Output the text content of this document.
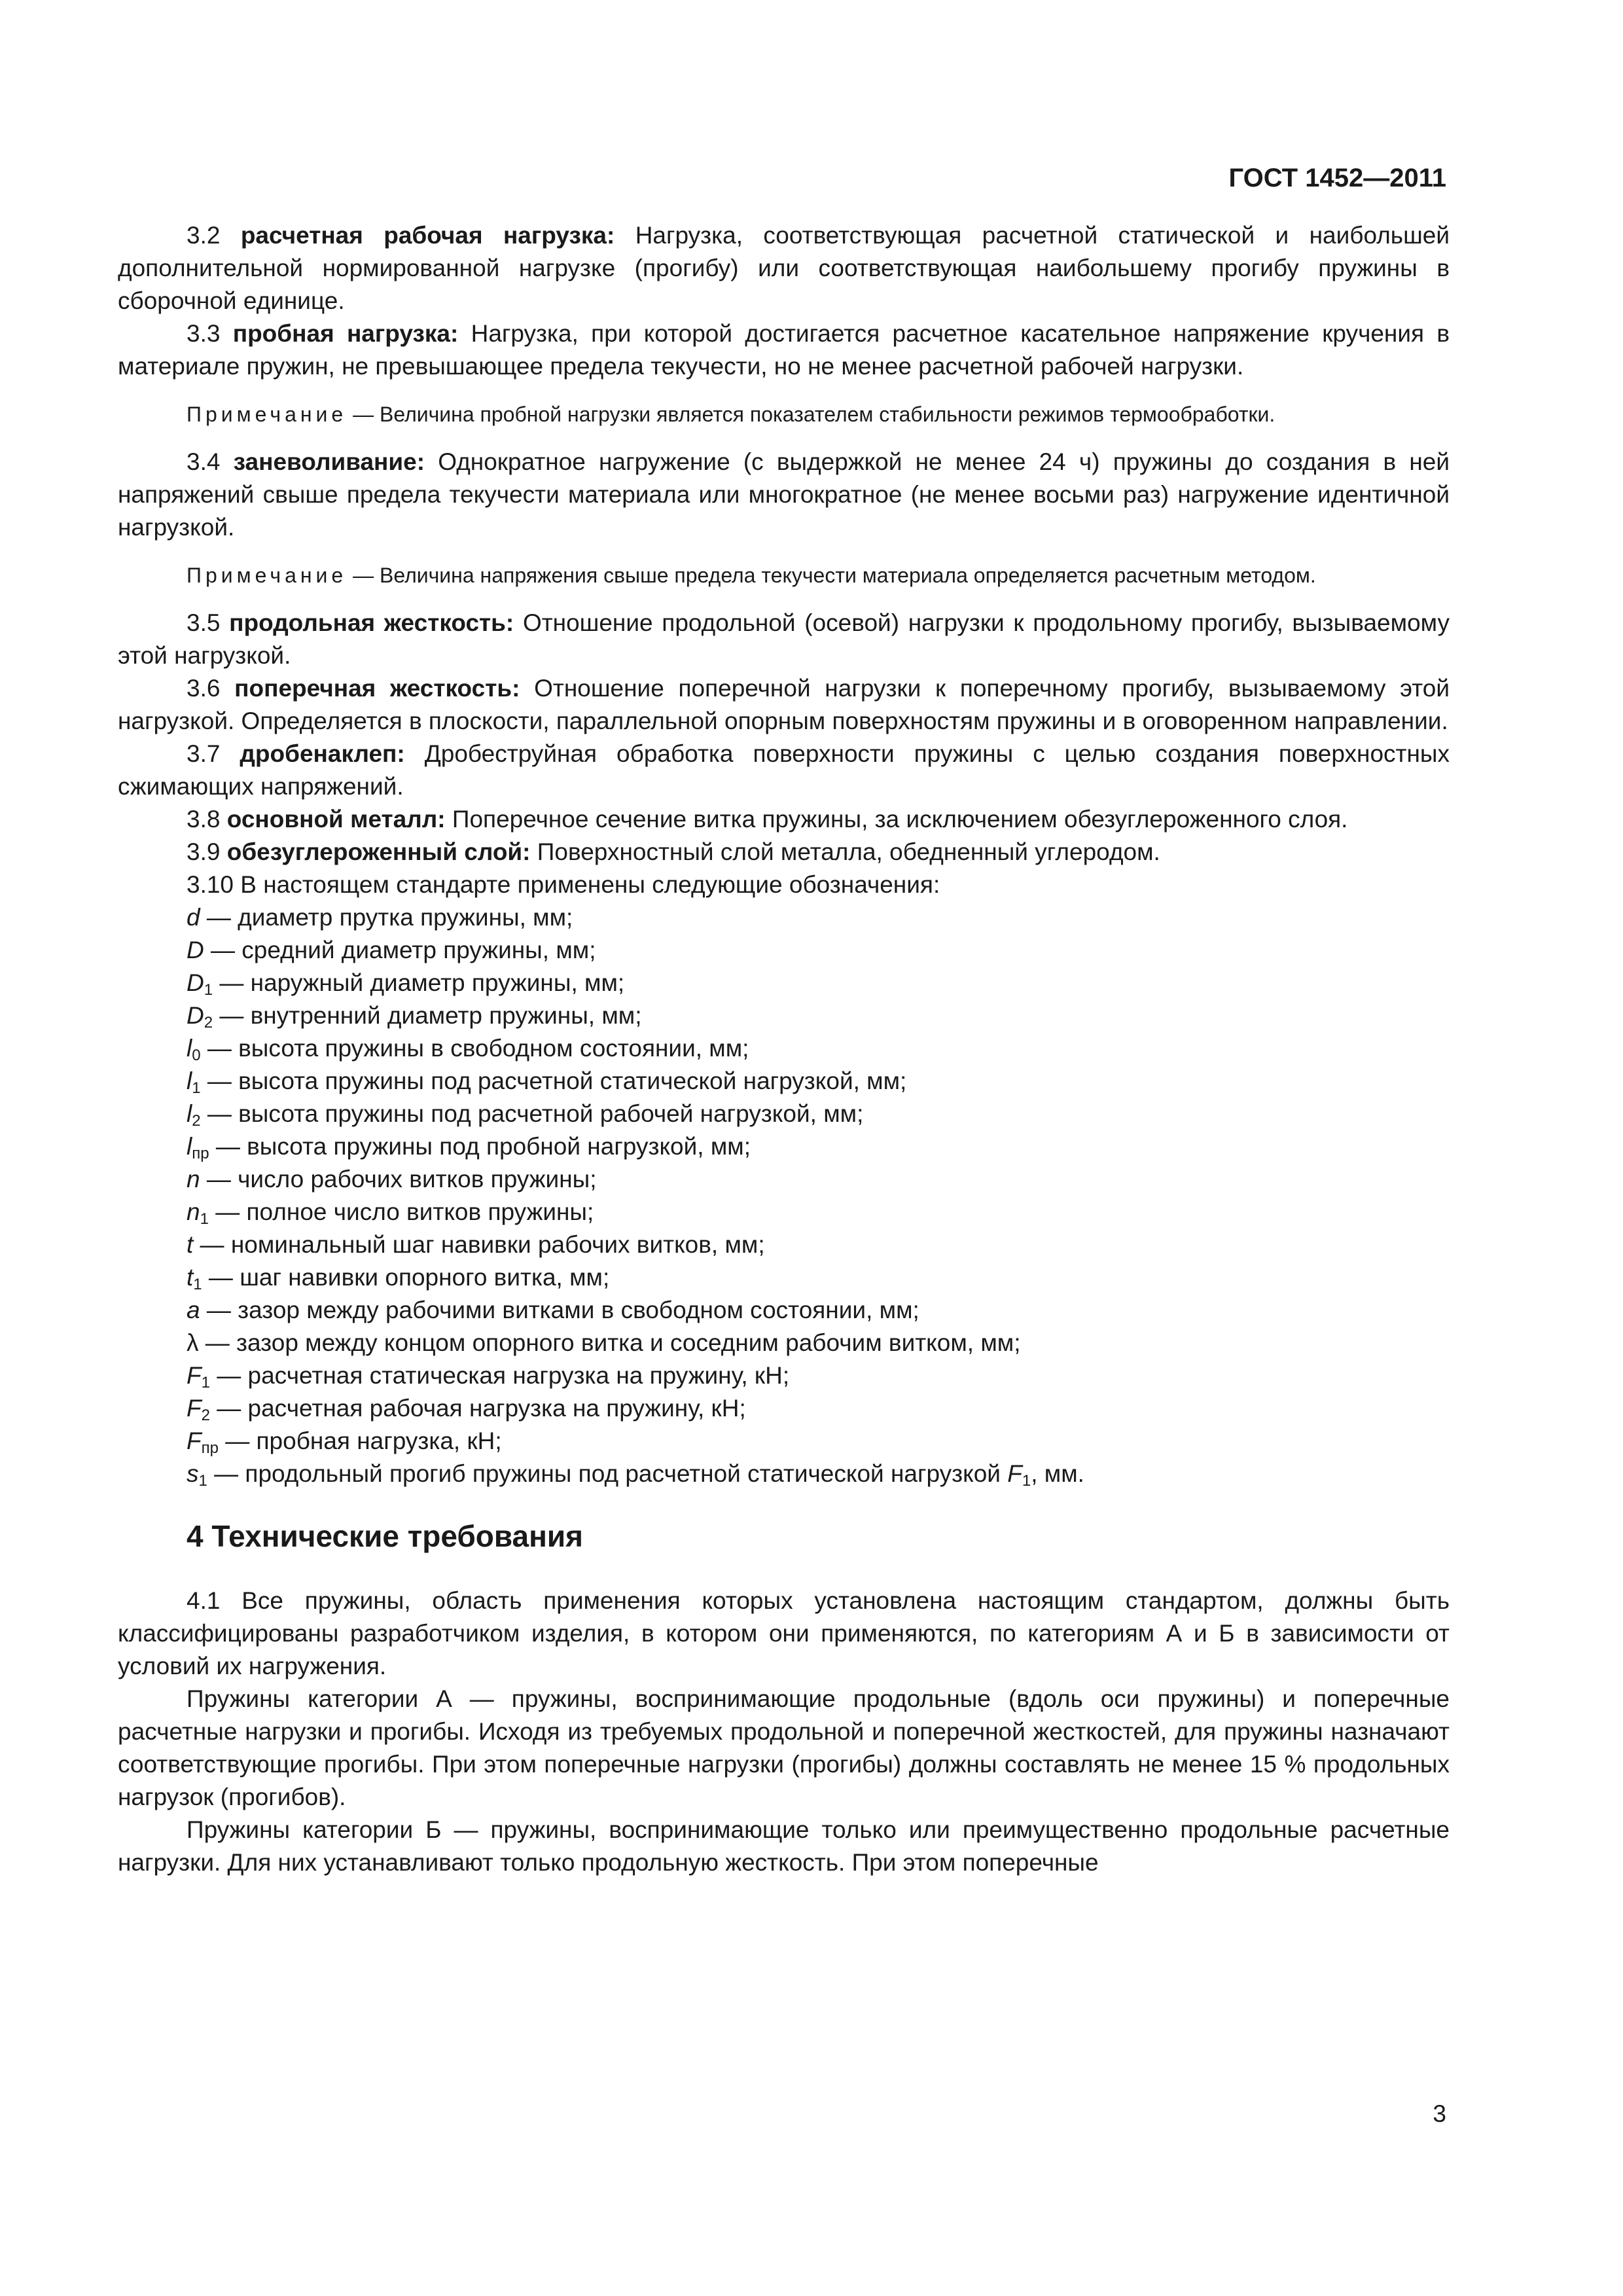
ГОСТ 1452—2011

3.2 расчетная рабочая нагрузка: Нагрузка, соответствующая расчетной статической и наибольшей дополнительной нормированной нагрузке (прогибу) или соответствующая наибольшему прогибу пружины в сборочной единице.

3.3 пробная нагрузка: Нагрузка, при которой достигается расчетное касательное напряжение кручения в материале пружин, не превышающее предела текучести, но не менее расчетной рабочей нагрузки.

Примечание — Величина пробной нагрузки является показателем стабильности режимов термообработки.

3.4 заневоливание: Однократное нагружение (с выдержкой не менее 24 ч) пружины до создания в ней напряжений свыше предела текучести материала или многократное (не менее восьми раз) нагружение идентичной нагрузкой.

Примечание — Величина напряжения свыше предела текучести материала определяется расчетным методом.

3.5 продольная жесткость: Отношение продольной (осевой) нагрузки к продольному прогибу, вызываемому этой нагрузкой.

3.6 поперечная жесткость: Отношение поперечной нагрузки к поперечному прогибу, вызываемому этой нагрузкой. Определяется в плоскости, параллельной опорным поверхностям пружины и в оговоренном направлении.

3.7 дробенаклеп: Дробеструйная обработка поверхности пружины с целью создания поверхностных сжимающих напряжений.

3.8 основной металл: Поперечное сечение витка пружины, за исключением обезуглероженного слоя.

3.9 обезуглероженный слой: Поверхностный слой металла, обедненный углеродом.

3.10 В настоящем стандарте применены следующие обозначения:

d — диаметр прутка пружины, мм;

D — средний диаметр пружины, мм;

$D_1$ — наружный диаметр пружины, мм;

$D_2$ — внутренний диаметр пружины, мм;

$l_0$ — высота пружины в свободном состоянии, мм;

$l_1$ — высота пружины под расчетной статической нагрузкой, мм;

$l_2$ — высота пружины под расчетной рабочей нагрузкой, мм;

$l_{пр}$ — высота пружины под пробной нагрузкой, мм;

n — число рабочих витков пружины;

$n_1$ — полное число витков пружины;

t — номинальный шаг навивки рабочих витков, мм;

$t_1$ — шаг навивки опорного витка, мм;

a — зазор между рабочими витками в свободном состоянии, мм;

λ — зазор между концом опорного витка и соседним рабочим витком, мм;

$F_1$ — расчетная статическая нагрузка на пружину, кН;

$F_2$ — расчетная рабочая нагрузка на пружину, кН;

$F_{пр}$ — пробная нагрузка, кН;

$s_1$ — продольный прогиб пружины под расчетной статической нагрузкой $F_1$, мм.

4 Технические требования

4.1 Все пружины, область применения которых установлена настоящим стандартом, должны быть классифицированы разработчиком изделия, в котором они применяются, по категориям А и Б в зависимости от условий их нагружения.

Пружины категории А — пружины, воспринимающие продольные (вдоль оси пружины) и поперечные расчетные нагрузки и прогибы. Исходя из требуемых продольной и поперечной жесткостей, для пружины назначают соответствующие прогибы. При этом поперечные нагрузки (прогибы) должны составлять не менее 15 % продольных нагрузок (прогибов).

Пружины категории Б — пружины, воспринимающие только или преимущественно продольные расчетные нагрузки. Для них устанавливают только продольную жесткость. При этом поперечные

3
